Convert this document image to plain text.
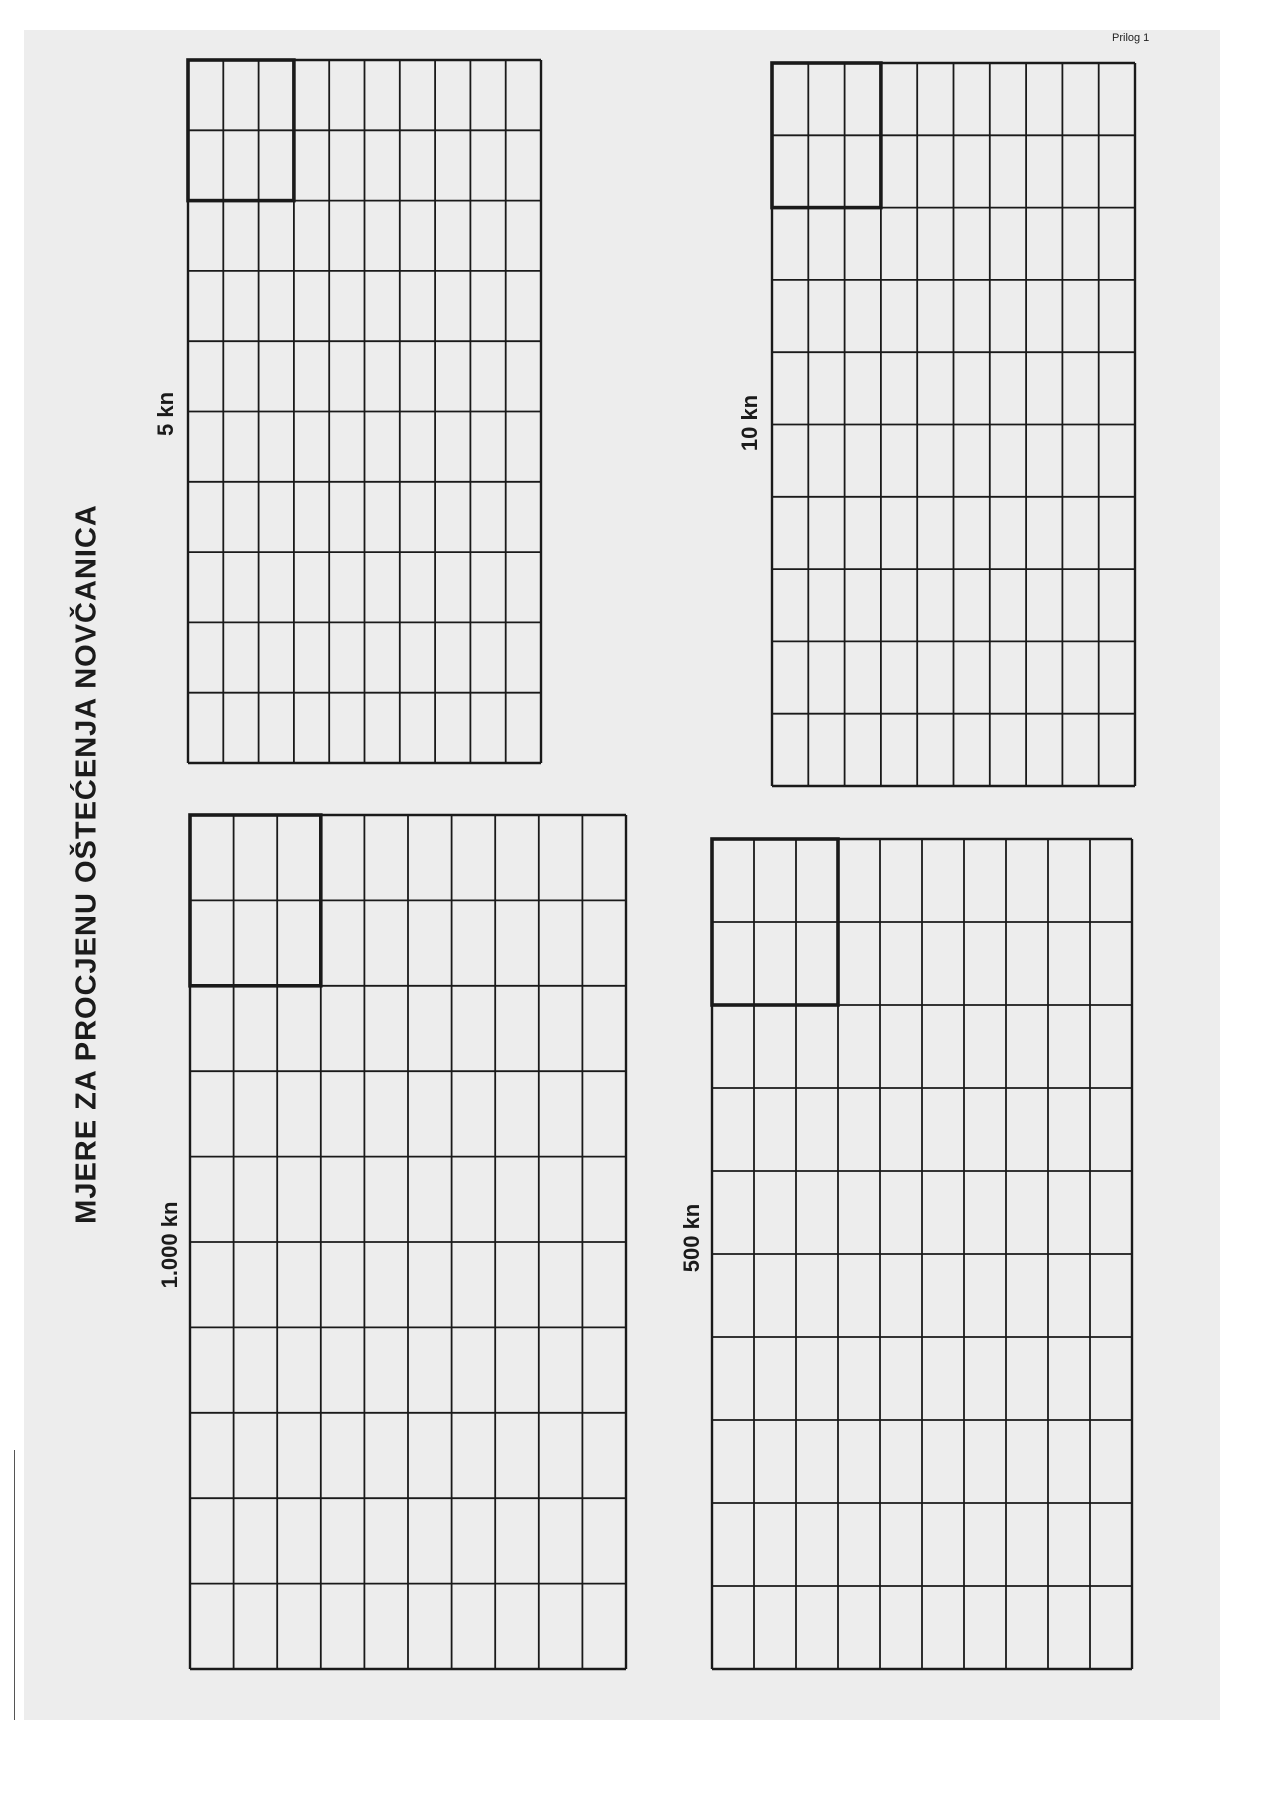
Prilog 1
MJERE ZA PROCJENU OŠTEĆENJA NOVČANICA
5 kn	10 kn
1.000 kn	500 kn
